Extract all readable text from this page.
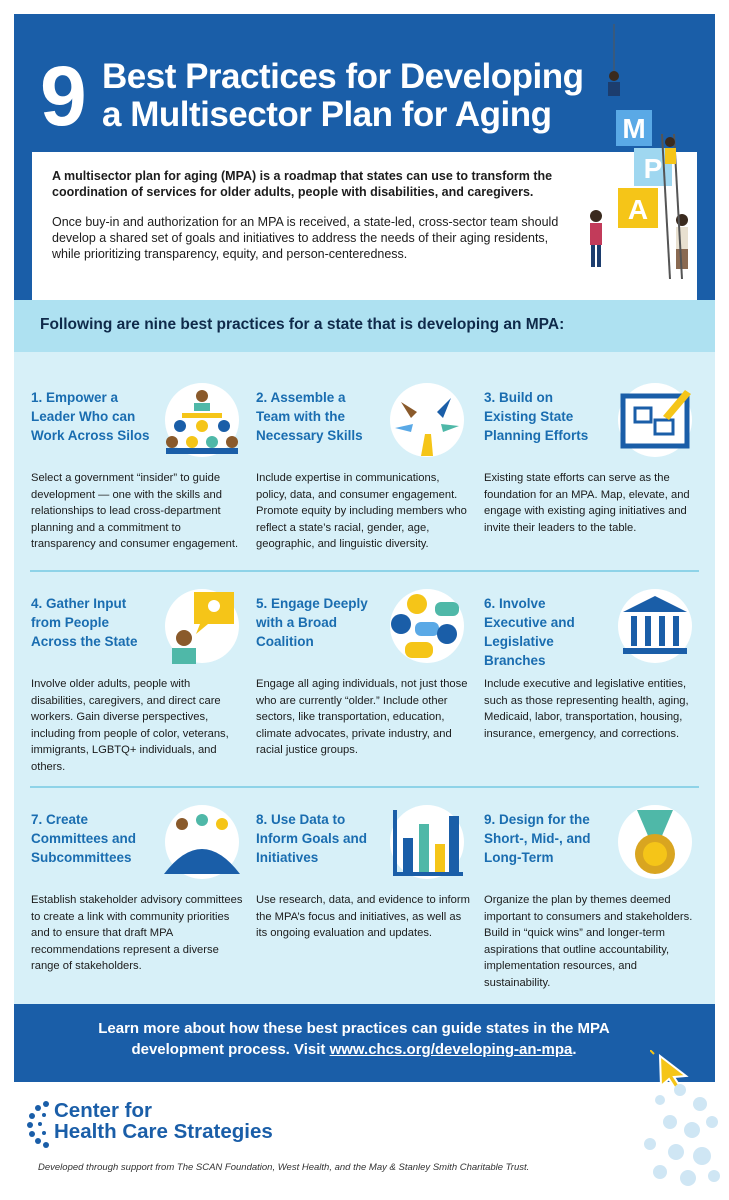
9 Best Practices for Developing
a Multisector Plan for Aging

A multisector plan for aging (MPA) is a roadmap that states can use to transform the coordination of services for older adults, people with disabilities, and caregivers.

Once buy-in and authorization for an MPA is received, a state-led, cross-sector team should develop a shared set of goals and initiatives to address the needs of their aging residents, while prioritizing transparency, equity, and person-centeredness.

M
P
A
Following are nine best practices for a state that is developing an MPA:
1. Empower a Leader Who can Work Across Silos

Select a government “insider” to guide development — one with the skills and relationships to lead cross-department planning and a commitment to transparency and consumer engagement.

2. Assemble a Team with the Necessary Skills

Include expertise in communications, policy, data, and consumer engagement. Promote equity by including members who reflect a state’s racial, gender, age, geographic, and linguistic diversity.

3. Build on Existing State Planning Efforts

Existing state efforts can serve as the foundation for an MPA. Map, elevate, and engage with existing aging initiatives and invite their leaders to the table.

4. Gather Input from People Across the State

Involve older adults, people with disabilities, caregivers, and direct care workers. Gain diverse perspectives, including from people of color, veterans, immigrants, LGBTQ+ individuals, and others.

5. Engage Deeply with a Broad Coalition

Engage all aging individuals, not just those who are currently “older.” Include other sectors, like transportation, education, climate advocates, private industry, and racial justice groups.

6. Involve Executive and Legislative Branches

Include executive and legislative entities, such as those representing health, aging, Medicaid, labor, transportation, housing, insurance, emergency, and corrections.

7. Create Committees and Subcommittees

Establish stakeholder advisory committees to create a link with community priorities and to ensure that draft MPA recommendations represent a diverse range of stakeholders.

8. Use Data to Inform Goals and Initiatives

Use research, data, and evidence to inform the MPA’s focus and initiatives, as well as its ongoing evaluation and updates.

9. Design for the Short-, Mid-, and Long-Term

Organize the plan by themes deemed important to consumers and stakeholders. Build in “quick wins” and longer-term aspirations that outline accountability, implementation resources, and sustainability.

Learn more about how these best practices can guide states in the MPA development process. Visit www.chcs.org/developing-an-mpa.

Center for
Health Care Strategies
Developed through support from The SCAN Foundation, West Health, and the May & Stanley Smith Charitable Trust.
